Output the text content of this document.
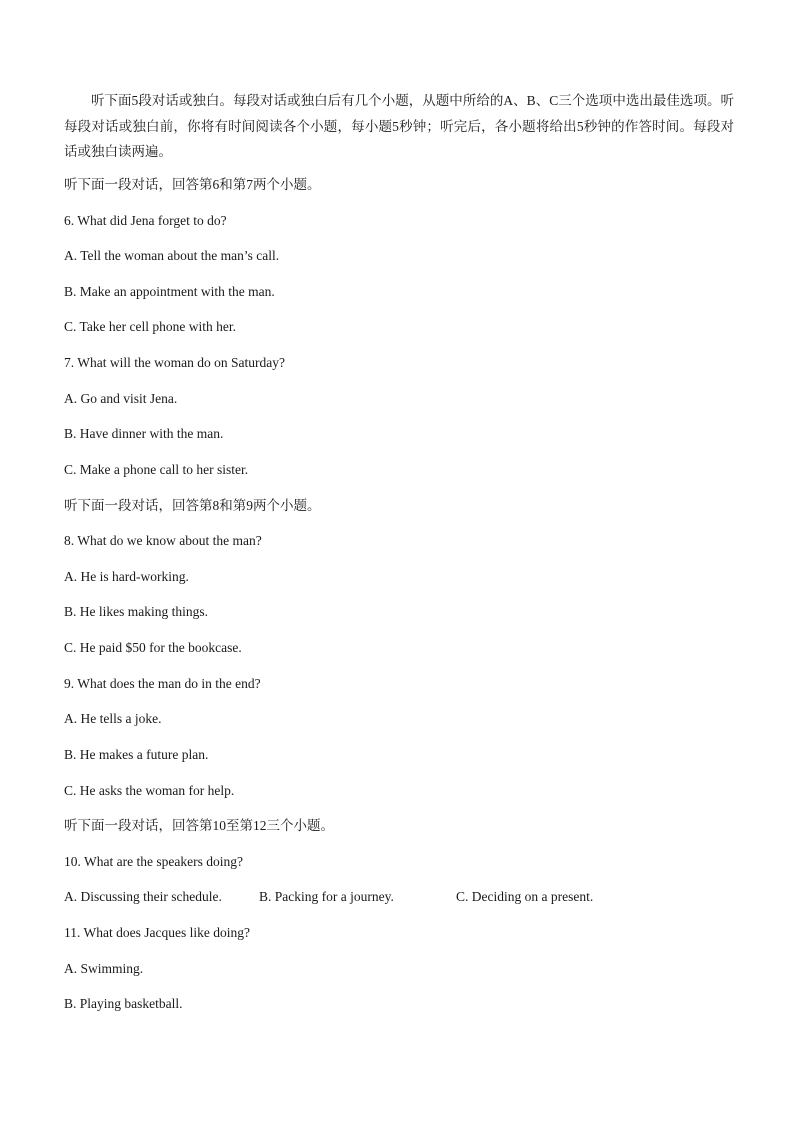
听下面5段对话或独白。每段对话或独白后有几个小题，从题中所给的A、B、C三个选项中选出最佳选项。听每段对话或独白前，你将有时间阅读各个小题，每小题5秒钟；听完后，各小题将给出5秒钟的作答时间。每段对话或独白读两遍。
听下面一段对话，回答第6和第7两个小题。
6. What did Jena forget to do?
A. Tell the woman about the man’s call.
B. Make an appointment with the man.
C. Take her cell phone with her.
7. What will the woman do on Saturday?
A. Go and visit Jena.
B. Have dinner with the man.
C. Make a phone call to her sister.
听下面一段对话，回答第8和第9两个小题。
8. What do we know about the man?
A. He is hard-working.
B. He likes making things.
C. He paid $50 for the bookcase.
9. What does the man do in the end?
A. He tells a joke.
B. He makes a future plan.
C. He asks the woman for help.
听下面一段对话，回答第10至第12三个小题。
10. What are the speakers doing?
A. Discussing their schedule.	B. Packing for a journey.	C. Deciding on a present.
11. What does Jacques like doing?
A. Swimming.
B. Playing basketball.
